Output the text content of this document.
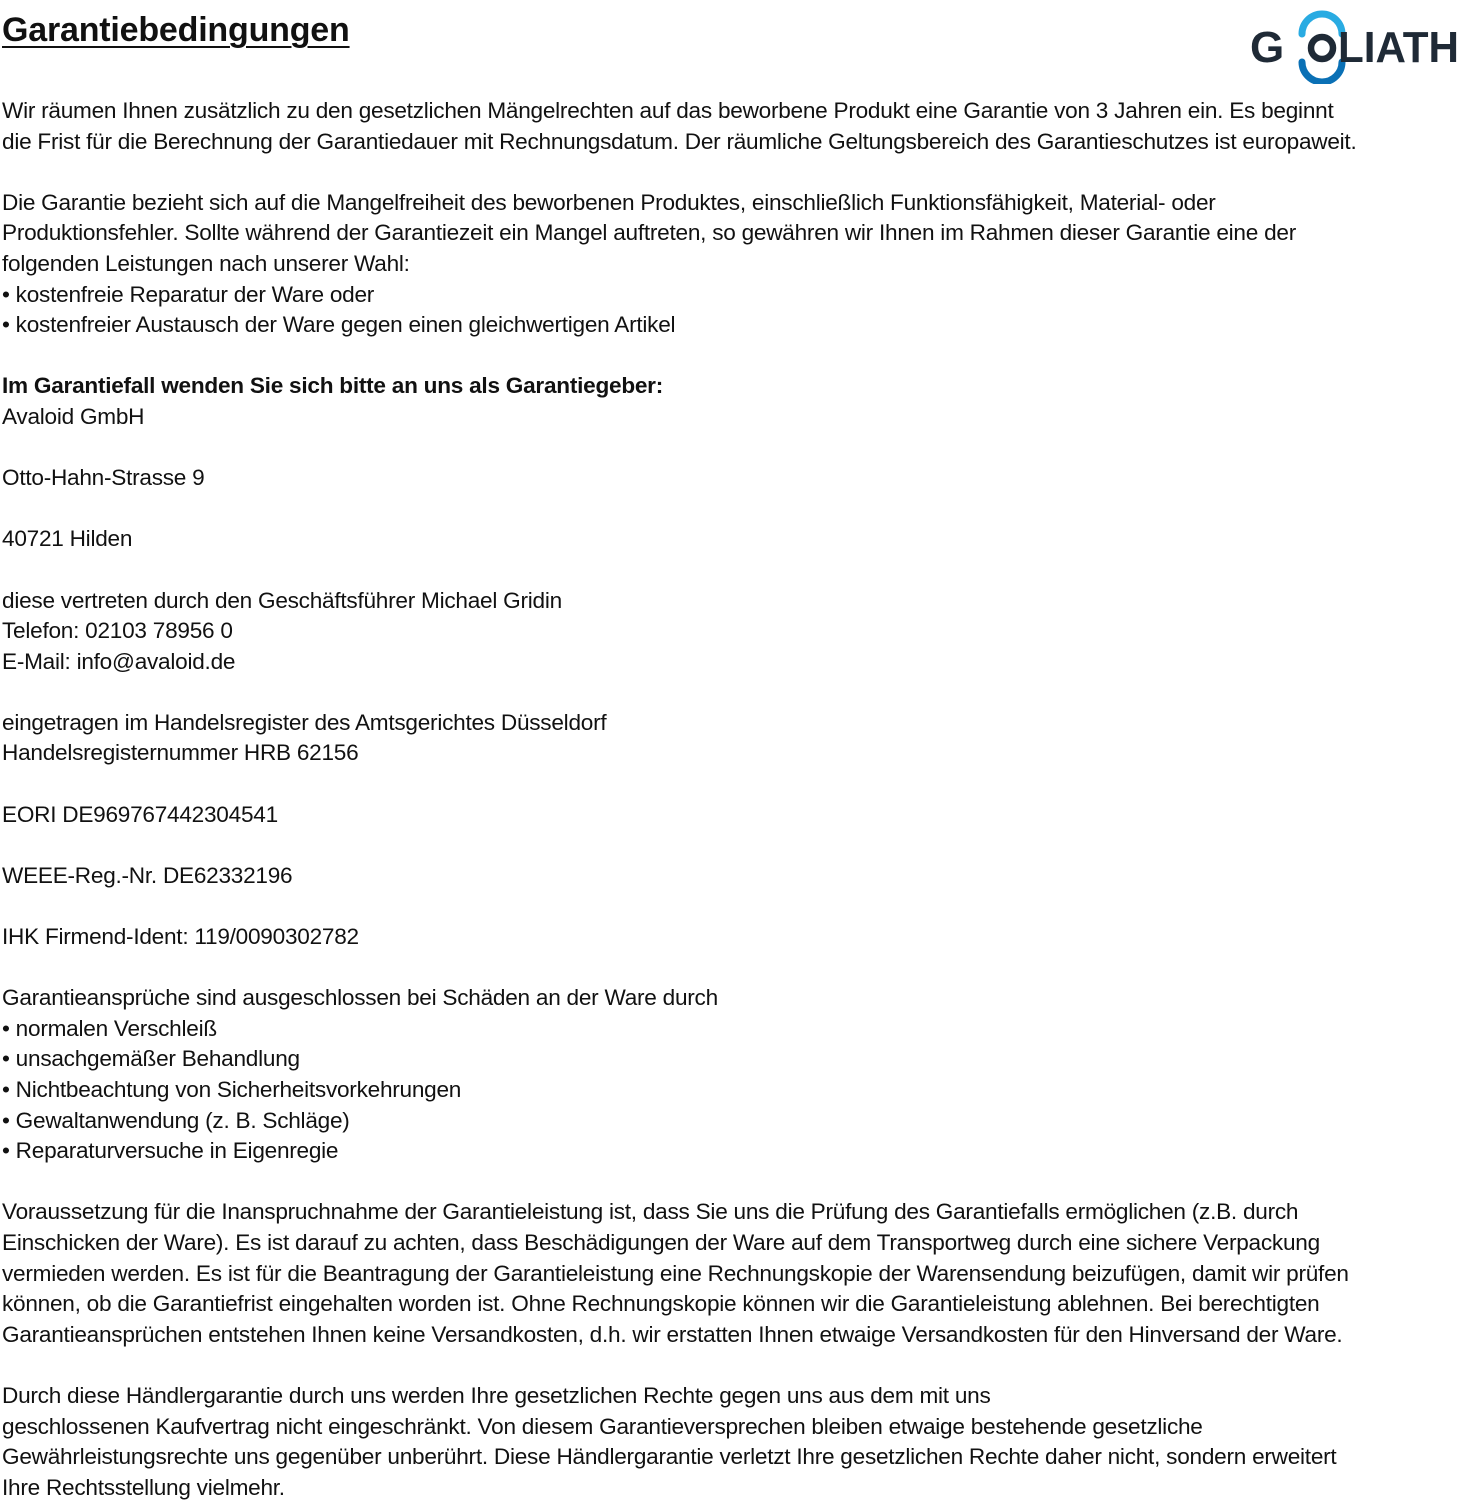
Garantiebedingungen	G LIATH

Wir räumen Ihnen zusätzlich zu den gesetzlichen Mängelrechten auf das beworbene Produkt eine Garantie von 3 Jahren ein. Es beginnt
die Frist für die Berechnung der Garantiedauer mit Rechnungsdatum. Der räumliche Geltungsbereich des Garantieschutzes ist europaweit.

Die Garantie bezieht sich auf die Mangelfreiheit des beworbenen Produktes, einschließlich Funktionsfähigkeit, Material- oder
Produktionsfehler. Sollte während der Garantiezeit ein Mangel auftreten, so gewähren wir Ihnen im Rahmen dieser Garantie eine der
folgenden Leistungen nach unserer Wahl:
• kostenfreie Reparatur der Ware oder
• kostenfreier Austausch der Ware gegen einen gleichwertigen Artikel

Im Garantiefall wenden Sie sich bitte an uns als Garantiegeber:
Avaloid GmbH

Otto-Hahn-Strasse 9

40721 Hilden

diese vertreten durch den Geschäftsführer Michael Gridin
Telefon: 02103 78956 0
E-Mail: info@avaloid.de

eingetragen im Handelsregister des Amtsgerichtes Düsseldorf
Handelsregisternummer HRB 62156

EORI DE969767442304541

WEEE-Reg.-Nr. DE62332196

IHK Firmend-Ident: 119/0090302782

Garantieansprüche sind ausgeschlossen bei Schäden an der Ware durch
• normalen Verschleiß
• unsachgemäßer Behandlung
• Nichtbeachtung von Sicherheitsvorkehrungen
• Gewaltanwendung (z. B. Schläge)
• Reparaturversuche in Eigenregie

Voraussetzung für die Inanspruchnahme der Garantieleistung ist, dass Sie uns die Prüfung des Garantiefalls ermöglichen (z.B. durch
Einschicken der Ware). Es ist darauf zu achten, dass Beschädigungen der Ware auf dem Transportweg durch eine sichere Verpackung
vermieden werden. Es ist für die Beantragung der Garantieleistung eine Rechnungskopie der Warensendung beizufügen, damit wir prüfen
können, ob die Garantiefrist eingehalten worden ist. Ohne Rechnungskopie können wir die Garantieleistung ablehnen. Bei berechtigten
Garantieansprüchen entstehen Ihnen keine Versandkosten, d.h. wir erstatten Ihnen etwaige Versandkosten für den Hinversand der Ware.

Durch diese Händlergarantie durch uns werden Ihre gesetzlichen Rechte gegen uns aus dem mit uns
geschlossenen Kaufvertrag nicht eingeschränkt. Von diesem Garantieversprechen bleiben etwaige bestehende gesetzliche
Gewährleistungsrechte uns gegenüber unberührt. Diese Händlergarantie verletzt Ihre gesetzlichen Rechte daher nicht, sondern erweitert
Ihre Rechtsstellung vielmehr.
